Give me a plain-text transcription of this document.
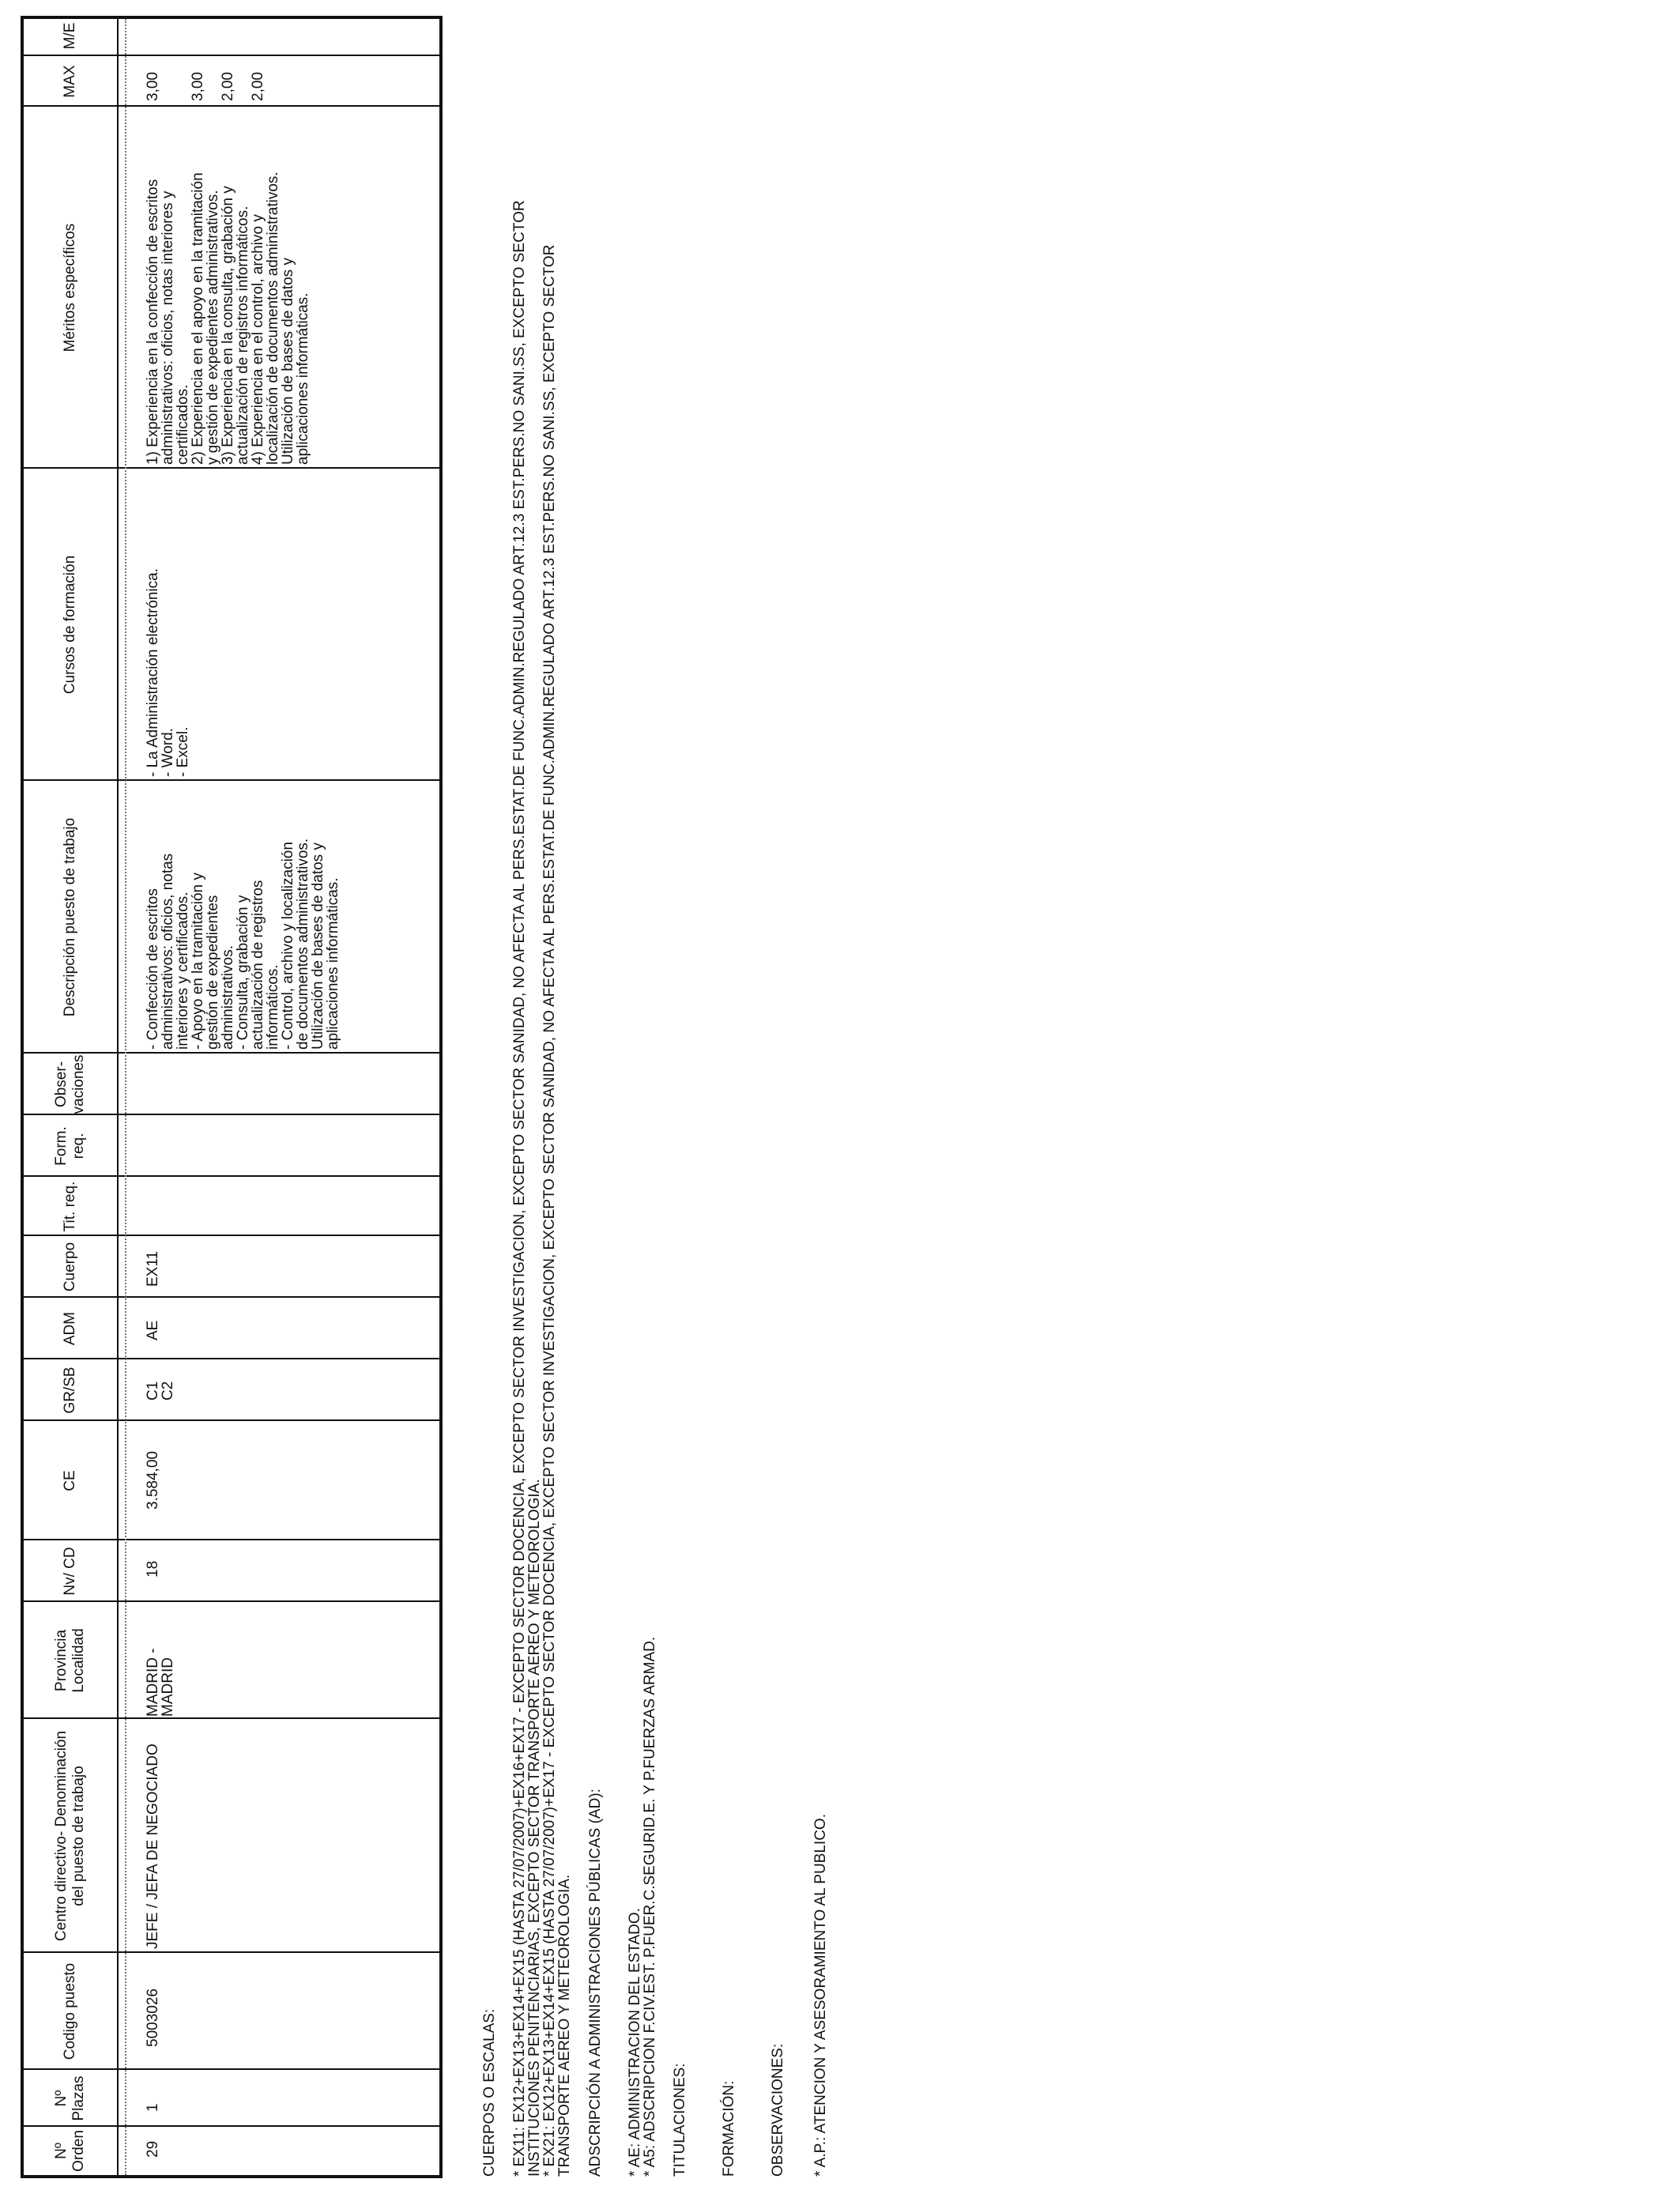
Nº Orden
Nº Plazas
Codigo puesto
Centro directivo- Denominación del puesto de trabajo
Provincia Localidad
Nv/ CD
CE
GR/SB
ADM
Cuerpo
Tit. req.
Form. req.
Obser- vaciones
Descripción puesto de trabajo
Cursos de formación
Méritos específicos
MAX
M/E
29
1
5003026
JEFE / JEFA DE NEGOCIADO
MADRID -
MADRID
18
3.584,00
C1
C2
AE
EX11
- Confección de escritos
administrativos: oficios, notas
interiores y certificados.
- Apoyo en la tramitación y
gestión de expedientes
administrativos.
- Consulta, grabación y
actualización de registros
informáticos.
- Control, archivo y localización
de documentos administrativos.
Utilización de bases de datos y
aplicaciones informáticas.
- La Administración electrónica.
- Word.
- Excel.
1) Experiencia en la confección de escritos
administrativos: oficios, notas interiores y
certificados.
2) Experiencia en el apoyo en la tramitación
y gestión de expedientes administrativos.
3) Experiencia en la consulta, grabación y
actualización de registros informáticos.
4) Experiencia en el control, archivo y
localización de documentos administrativos.
Utilización de bases de datos y
aplicaciones informáticas.
3,00 3,00 2,00 2,00
CUERPOS O ESCALAS: * EX11: EX12+EX13+EX14+EX15 (HASTA 27/07/2007)+EX16+EX17 - EXCEPTO SECTOR DOCENCIA, EXCEPTO SECTOR INVESTIGACION, EXCEPTO SECTOR SANIDAD, NO AFECTA AL PERS.ESTAT.DE FUNC.ADMIN.REGULADO ART.12.3 EST.PERS.NO SANI.SS, EXCEPTO SECTOR
INSTITUCIONES PENITENCIARIAS, EXCEPTO SECTOR TRANSPORTE AEREO Y METEOROLOGIA.
* EX21: EX12+EX13+EX14+EX15 (HASTA 27/07/2007)+EX17 - EXCEPTO SECTOR DOCENCIA, EXCEPTO SECTOR INVESTIGACION, EXCEPTO SECTOR SANIDAD, NO AFECTA AL PERS.ESTAT.DE FUNC.ADMIN.REGULADO ART.12.3 EST.PERS.NO SANI.SS, EXCEPTO SECTOR
TRANSPORTE AEREO Y METEOROLOGIA. ADSCRIPCIÓN A ADMINISTRACIONES PÚBLICAS (AD): * AE: ADMINISTRACION DEL ESTADO.
* A5: ADSCRIPCION F.CIV.EST. P.FUER.C.SEGURID.E. Y P.FUERZAS ARMAD. TITULACIONES: FORMACIÓN: OBSERVACIONES: * A.P.: ATENCION Y ASESORAMIENTO AL PUBLICO.
